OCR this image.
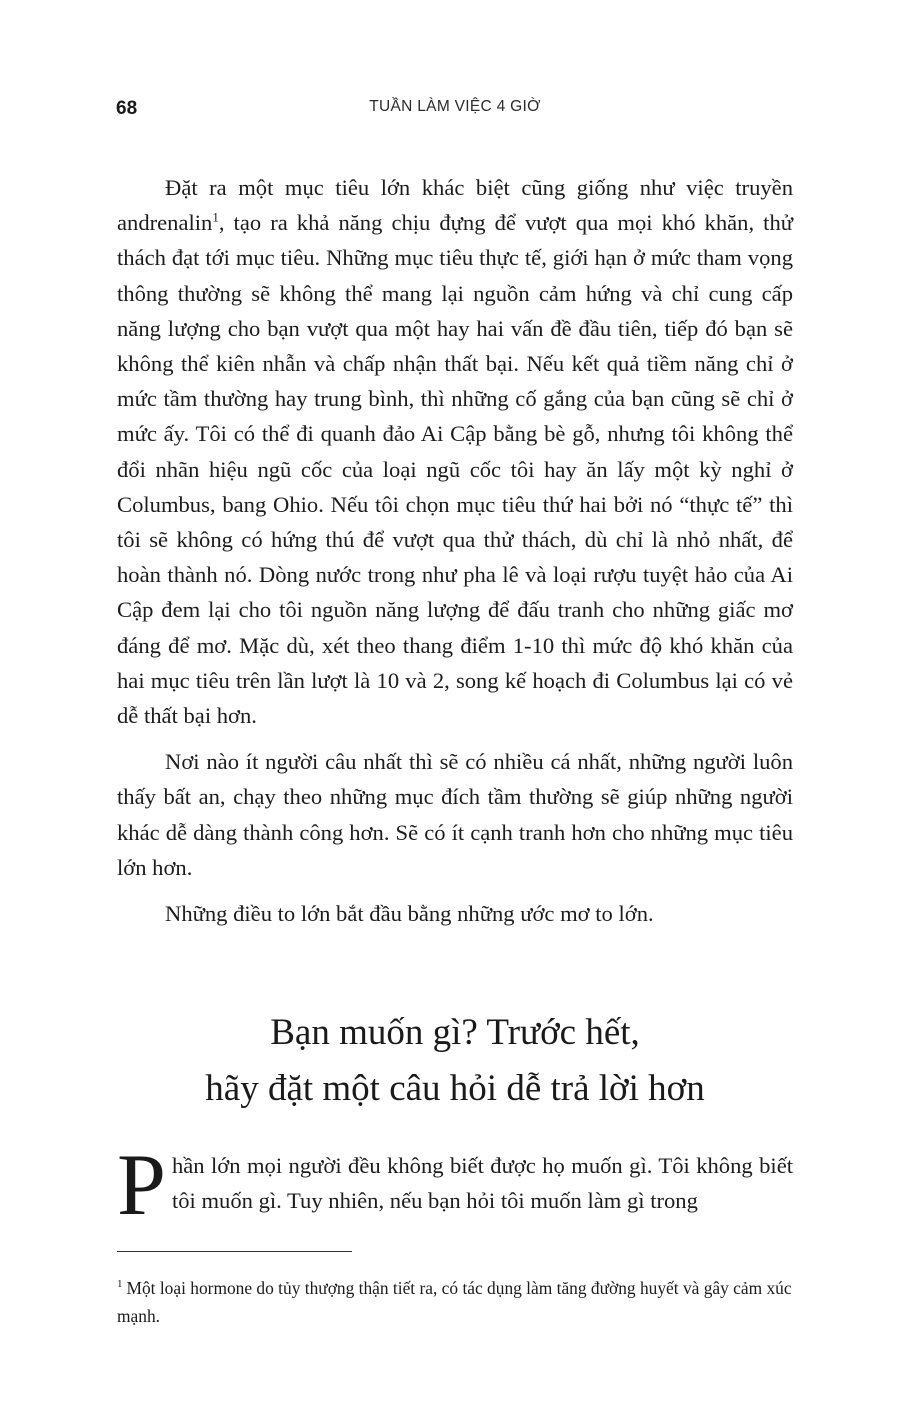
68	TUẦN LÀM VIỆC 4 GIỜ

Đặt ra một mục tiêu lớn khác biệt cũng giống như việc truyền andrenalin$^1$, tạo ra khả năng chịu đựng để vượt qua mọi khó khăn, thử thách đạt tới mục tiêu. Những mục tiêu thực tế, giới hạn ở mức tham vọng thông thường sẽ không thể mang lại nguồn cảm hứng và chỉ cung cấp năng lượng cho bạn vượt qua một hay hai vấn đề đầu tiên, tiếp đó bạn sẽ không thể kiên nhẫn và chấp nhận thất bại. Nếu kết quả tiềm năng chỉ ở mức tầm thường hay trung bình, thì những cố gắng của bạn cũng sẽ chỉ ở mức ấy. Tôi có thể đi quanh đảo Ai Cập bằng bè gỗ, nhưng tôi không thể đổi nhãn hiệu ngũ cốc của loại ngũ cốc tôi hay ăn lấy một kỳ nghỉ ở Columbus, bang Ohio. Nếu tôi chọn mục tiêu thứ hai bởi nó “thực tế” thì tôi sẽ không có hứng thú để vượt qua thử thách, dù chỉ là nhỏ nhất, để hoàn thành nó. Dòng nước trong như pha lê và loại rượu tuyệt hảo của Ai Cập đem lại cho tôi nguồn năng lượng để đấu tranh cho những giấc mơ đáng để mơ. Mặc dù, xét theo thang điểm 1-10 thì mức độ khó khăn của hai mục tiêu trên lần lượt là 10 và 2, song kế hoạch đi Columbus lại có vẻ dễ thất bại hơn.

Nơi nào ít người câu nhất thì sẽ có nhiều cá nhất, những người luôn thấy bất an, chạy theo những mục đích tầm thường sẽ giúp những người khác dễ dàng thành công hơn. Sẽ có ít cạnh tranh hơn cho những mục tiêu lớn hơn.

Những điều to lớn bắt đầu bằng những ước mơ to lớn.

Bạn muốn gì? Trước hết,
hãy đặt một câu hỏi dễ trả lời hơn
Phần lớn mọi người đều không biết được họ muốn gì. Tôi không biết tôi muốn gì. Tuy nhiên, nếu bạn hỏi tôi muốn làm gì trong
$^1$ Một loại hormone do tủy thượng thận tiết ra, có tác dụng làm tăng đường huyết và gây cảm xúc mạnh.
